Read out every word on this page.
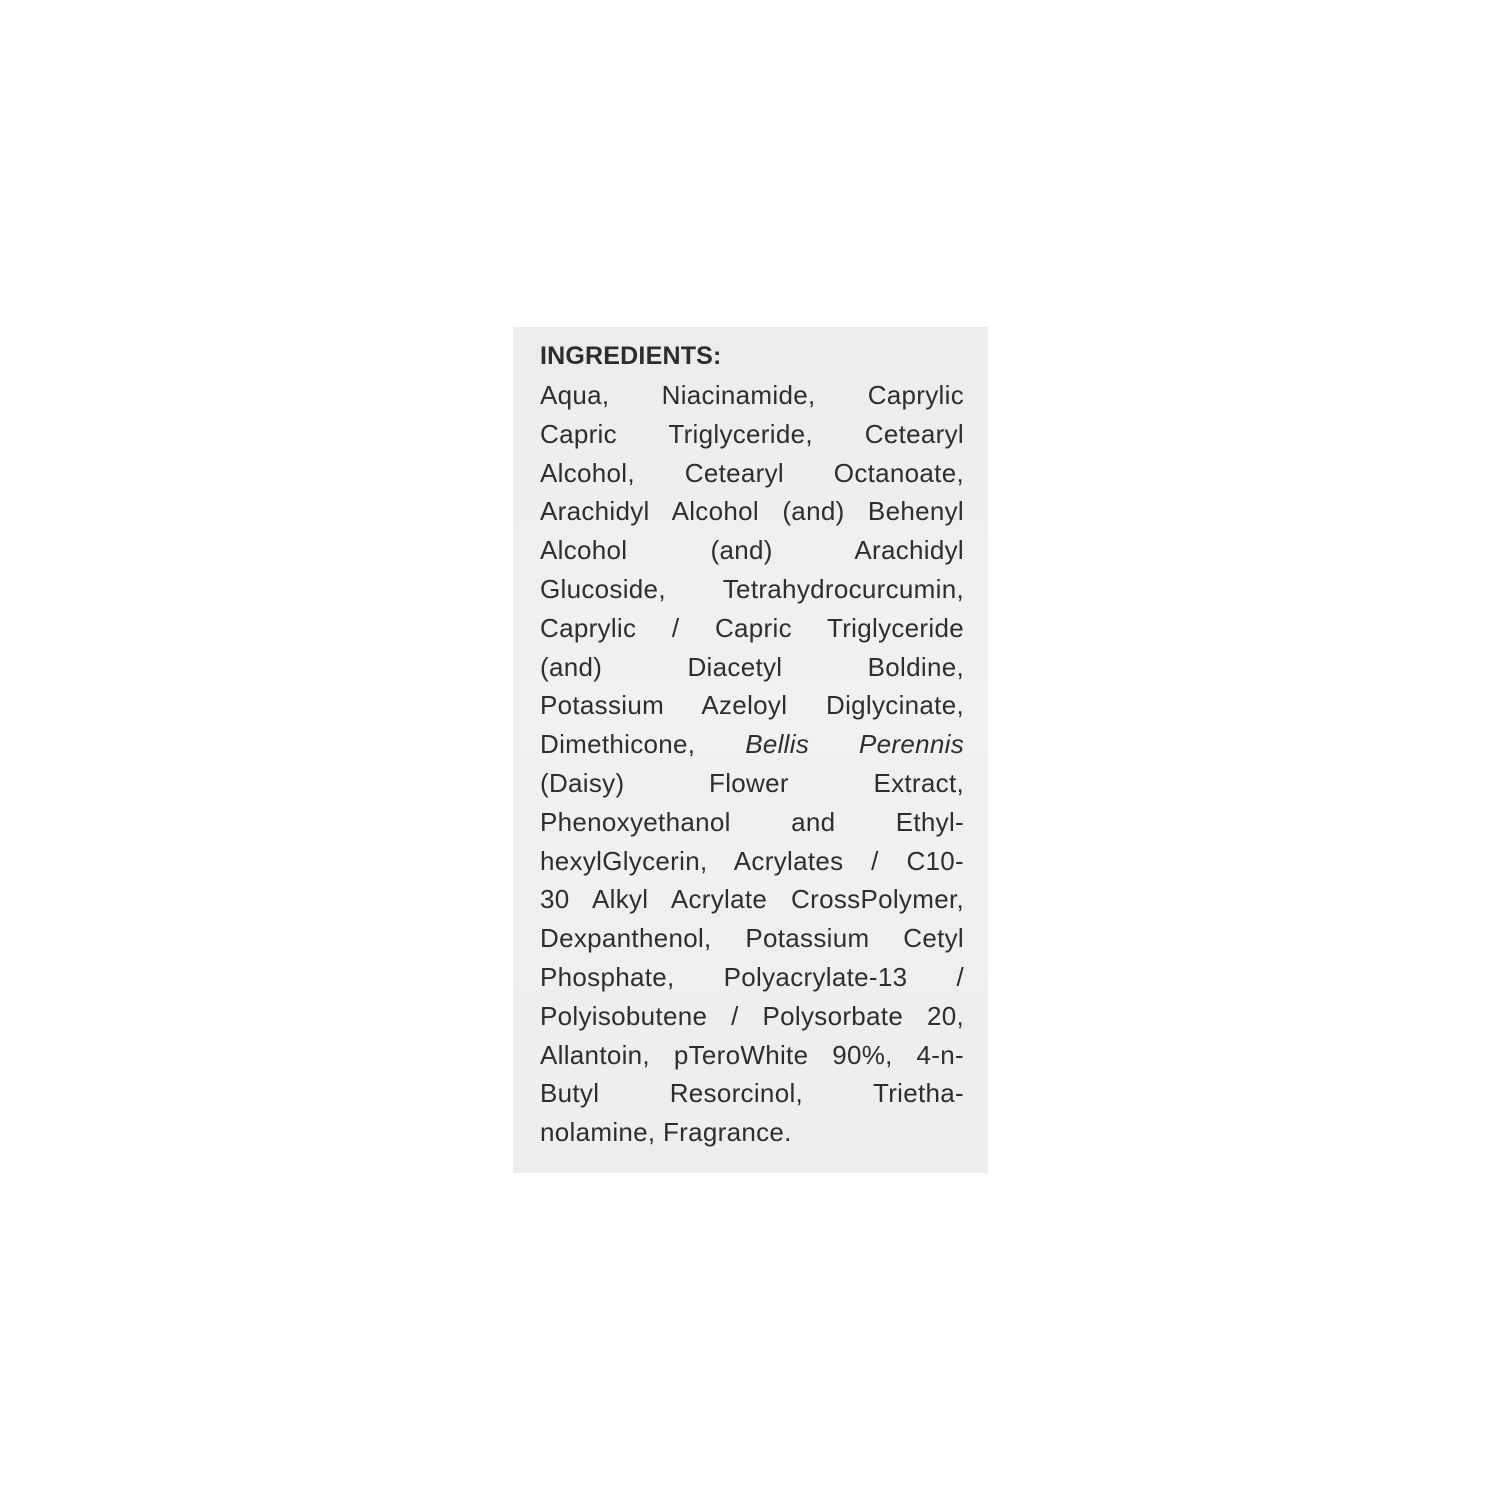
INGREDIENTS:
Aqua, Niacinamide, Caprylic
Capric Triglyceride, Cetearyl
Alcohol, Cetearyl Octanoate,
Arachidyl Alcohol (and) Behenyl
Alcohol (and) Arachidyl
Glucoside, Tetrahydrocurcumin,
Caprylic / Capric Triglyceride
(and) Diacetyl Boldine,
Potassium Azeloyl Diglycinate,
Dimethicone, Bellis Perennis
(Daisy) Flower Extract,
Phenoxyethanol and Ethyl-
hexylGlycerin, Acrylates / C10-
30 Alkyl Acrylate CrossPolymer,
Dexpanthenol, Potassium Cetyl
Phosphate, Polyacrylate-13 /
Polyisobutene / Polysorbate 20,
Allantoin, pTeroWhite 90%, 4-n-
Butyl Resorcinol, Trietha-
nolamine, Fragrance.
